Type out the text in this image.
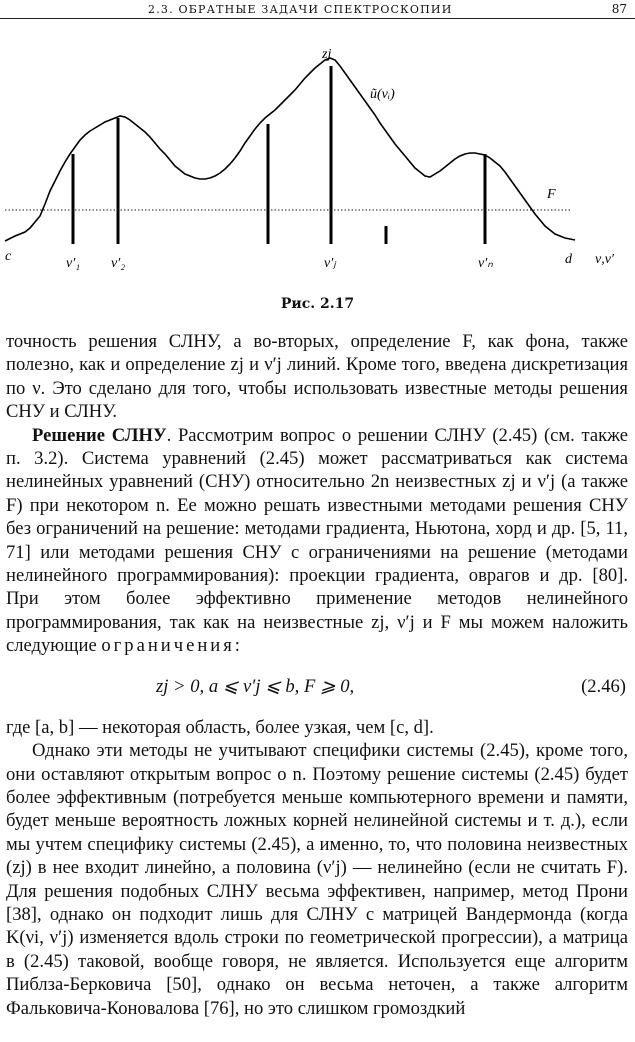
2.3. ОБРАТНЫЕ ЗАДАЧИ СПЕКТРОСКОПИИ	87
zj
ũ(νᵢ)
F
c	ν′₁ ν′₂	ν′ⱼ	ν′ₙ	d ν,ν′
Рис. 2.17

точность решения СЛНУ, а во-вторых, определение F, как фона, также полезно, как и определение zj и ν′j линий. Кроме того, введена дискретизация по ν. Это сделано для того, чтобы использовать известные методы решения СНУ и СЛНУ.

Решение СЛНУ. Рассмотрим вопрос о решении СЛНУ (2.45) (см. также п. 3.2). Система уравнений (2.45) может рассматриваться как система нелинейных уравнений (СНУ) относительно 2n неизвестных zj и ν′j (а также F) при некотором n. Ее можно решать известными методами решения СНУ без ограничений на решение: методами градиента, Ньютона, хорд и др. [5, 11, 71] или методами решения СНУ с ограничениями на решение (методами нелинейного программирования): проекции градиента, оврагов и др. [80]. При этом более эффективно применение методов нелинейного программирования, так как на неизвестные zj, ν′j и F мы можем наложить следующие ограничения:

zj > 0, a ⩽ ν′j ⩽ b, F ⩾ 0,	(2.46)

где [a, b] — некоторая область, более узкая, чем [c, d].

Однако эти методы не учитывают специфики системы (2.45), кроме того, они оставляют открытым вопрос о n. Поэтому решение системы (2.45) будет более эффективным (потребуется меньше компьютерного времени и памяти, будет меньше вероятность ложных корней нелинейной системы и т. д.), если мы учтем специфику системы (2.45), а именно, то, что половина неизвестных (zj) в нее входит линейно, а половина (ν′j) — нелинейно (если не считать F). Для решения подобных СЛНУ весьма эффективен, например, метод Прони [38], однако он подходит лишь для СЛНУ с матрицей Вандермонда (когда K(νi, ν′j) изменяется вдоль строки по геометрической прогрессии), а матрица в (2.45) таковой, вообще говоря, не является. Используется еще алгоритм Пиблза-Берковича [50], однако он весьма неточен, а также алгоритм Фальковича-Коновалова [76], но это слишком громоздкий
